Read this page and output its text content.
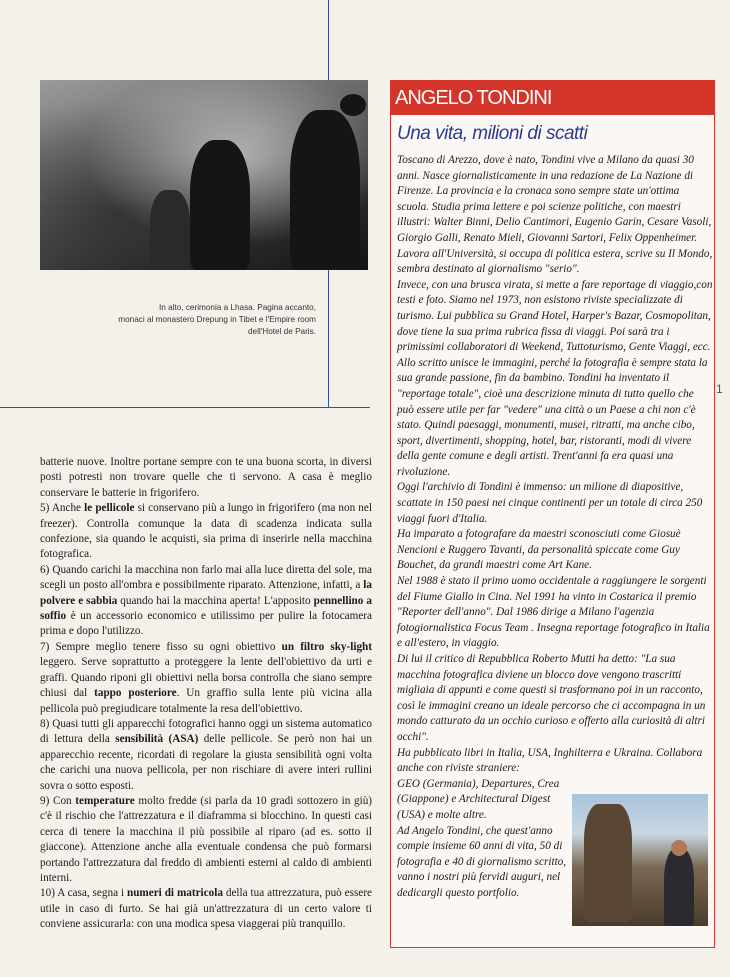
In alto, cerimonia a Lhasa. Pagina accanto,
monaci al monastero Drepung in Tibet e l'Empire room
dell'Hotel de Paris.

batterie nuove. Inoltre portane sempre con te una buona scorta, in diversi posti potresti non trovare quelle che ti servono. A casa è meglio conservare le batterie in frigorifero.

5) Anche le pellicole si conservano più a lungo in frigorifero (ma non nel freezer). Controlla comunque la data di scadenza indicata sulla confezione, sia quando le acquisti, sia prima di inserirle nella macchina fotografica.

6) Quando carichi la macchina non farlo mai alla luce diretta del sole, ma scegli un posto all'ombra e possibilmente riparato. Attenzione, infatti, a la polvere e sabbia quando hai la macchina aperta! L'apposito pennellino a soffio è un accessorio economico e utilissimo per pulire la fotocamera prima e dopo l'utilizzo.

7) Sempre meglio tenere fisso su ogni obiettivo un filtro sky-light leggero. Serve soprattutto a proteggere la lente dell'obiettivo da urti e graffi. Quando riponi gli obiettivi nella borsa controlla che siano sempre chiusi dal tappo posteriore. Un graffio sulla lente più vicina alla pellicola può pregiudicare totalmente la resa dell'obiettivo.

8) Quasi tutti gli apparecchi fotografici hanno oggi un sistema automatico di lettura della sensibilità (ASA) delle pellicole. Se però non hai un apparecchio recente, ricordati di regolare la giusta sensibilità ogni volta che carichi una nuova pellicola, per non rischiare di avere interi rullini sovra o sotto esposti.

9) Con temperature molto fredde (si parla da 10 gradi sottozero in giù) c'è il rischio che l'attrezzatura e il diaframma si blocchino. In questi casi cerca di tenere la macchina il più possibile al riparo (ad es. sotto il giaccone). Attenzione anche alla eventuale condensa che può formarsi portando l'attrezzatura dal freddo di ambienti esterni al caldo di ambienti interni.

10) A casa, segna i numeri di matricola della tua attrezzatura, può essere utile in caso di furto. Se hai già un'attrezzatura di un certo valore ti conviene assicurarla: con una modica spesa viaggerai più tranquillo.

ANGELO TONDINI
Una vita, milioni di scatti

Toscano di Arezzo, dove è nato, Tondini vive a Milano da quasi 30 anni. Nasce giornalisticamente in una redazione de La Nazione di Firenze. La provincia e la cronaca sono sempre state un'ottima scuola. Studia prima lettere e poi scienze politiche, con maestri illustri: Walter Binni, Delio Cantimori, Eugenio Garin, Cesare Vasoli, Giorgio Galli, Renato Mieli, Giovanni Sartori, Felix Oppenheimer.

Lavora all'Università, si occupa di politica estera, scrive su Il Mondo, sembra destinato al giornalismo "serio".

Invece, con una brusca virata, si mette a fare reportage di viaggio,con testi e foto. Siamo nel 1973, non esistono riviste specializzate di turismo. Lui pubblica su Grand Hotel, Harper's Bazar, Cosmopolitan, dove tiene la sua prima rubrica fissa di viaggi. Poi sarà tra i primissimi collaboratori di Weekend, Tuttoturismo, Gente Viaggi, ecc. Allo scritto unisce le immagini, perché la fotografia è sempre stata la sua grande passione, fin da bambino. Tondini ha inventato il "reportage totale", cioè una descrizione minuta di tutto quello che può essere utile per far "vedere" una città o un Paese a chi non c'è stato. Quindi paesaggi, monumenti, musei, ritratti, ma anche cibo, sport, divertimenti, shopping, hotel, bar, ristoranti, modi di vivere della gente comune e degli artisti. Trent'anni fa era quasi una rivoluzione.

Oggi l'archivio di Tondini è immenso: un milione di diapositive, scattate in 150 paesi nei cinque continenti per un totale di circa 250 viaggi fuori d'Italia.

Ha imparato a fotografare da maestri sconosciuti come Giosuè Nencioni e Ruggero Tavanti, da personalità spiccate come Guy Bouchet, da grandi maestri come Art Kane.

Nel 1988 è stato il primo uomo occidentale a raggiungere le sorgenti del Fiume Giallo in Cina. Nel 1991 ha vinto in Costarica il premio "Reporter dell'anno". Dal 1986 dirige a Milano l'agenzia fotogiornalistica Focus Team . Insegna reportage fotografico in Italia e all'estero, in viaggio.

Di lui il critico di Repubblica Roberto Mutti ha detto: "La sua macchina fotografica diviene un blocco dove vengono trascritti migliaia di appunti e come questi si trasformano poi in un racconto, così le immagini creano un ideale percorso che ci accompagna in un mondo catturato da un occhio curioso e offerto alla curiosità di altri occhi".

Ha pubblicato libri in Italia, USA, Inghilterra e Ukraina. Collabora anche con riviste straniere:

GEO (Germania), Departures, Crea (Giappone) e Architectural Digest (USA) e molte altre.

Ad Angelo Tondini, che quest'anno compie insieme 60 anni di vita, 50 di fotografia e 40 di giornalismo scritto, vanno i nostri più fervidi auguri, nel dedicargli questo portfolio.

1
